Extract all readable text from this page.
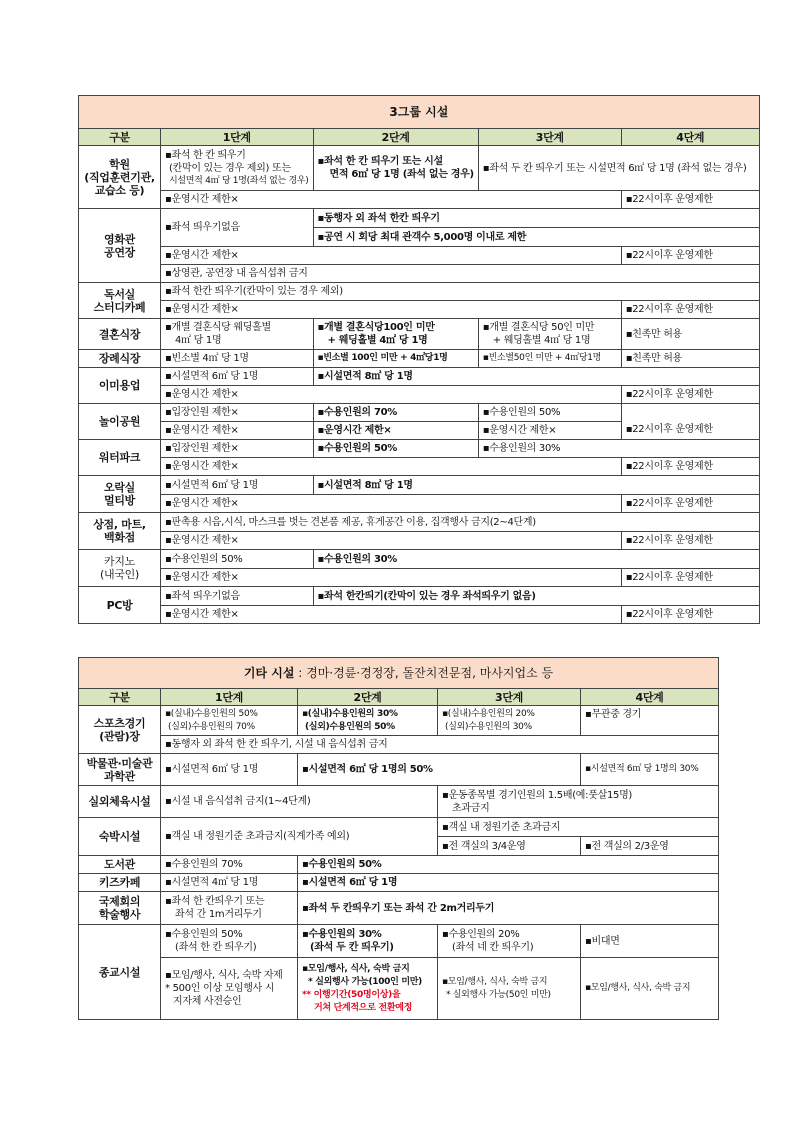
3그룹 시설				
구분	1단계	2단계	3단계	4단계

학원
(직업훈련기관,
교습소 등)	▪좌석 한 칸 띄우기
(칸막이 있는 경우 제외) 또는
시설면적 4㎡ 당 1명(좌석 없는 경우)	▪좌석 한 칸 띄우기 또는 시설
면적 6㎡ 당 1명 (좌석 없는 경우)	▪좌석 두 칸 띄우기 또는 시설면적 6㎡ 당 1명 (좌석 없는 경우)	
	▪운영시간 제한×			▪22시이후 운영제한

영화관
공연장	▪좌석 띄우기없음	▪동행자 외 좌석 한칸 띄우기		
		▪공연 시 회당 최대 관객수 5,000명 이내로 제한		
	▪운영시간 제한×			▪22시이후 운영제한
	▪상영관, 공연장 내 음식섭취 금지			

독서실
스터디카페	▪좌석 한칸 띄우기(칸막이 있는 경우 제외)			
	▪운영시간 제한×			▪22시이후 운영제한
결혼식장	▪개별 결혼식당 웨딩홀별
4㎡ 당 1명	▪개별 결혼식당100인 미만
+ 웨딩홀별 4㎡ 당 1명	▪개별 결혼식당 50인 미만
+ 웨딩홀별 4㎡ 당 1명	▪친족만 허용
장례식장	▪빈소별 4㎡ 당 1명	▪빈소별 100인 미만 + 4㎡당1명	▪빈소별50인 미만 + 4㎡당1명	▪친족만 허용
이미용업	▪시설면적 6㎡ 당 1명	▪시설면적 8㎡ 당 1명		
	▪운영시간 제한×			▪22시이후 운영제한
놀이공원	▪입장인원 제한×	▪수용인원의 70%	▪수용인원의 50%	▪22시이후 운영제한
	▪운영시간 제한×	▪운영시간 제한×	▪운영시간 제한×	
워터파크	▪입장인원 제한×	▪수용인원의 50%	▪수용인원의 30%	
	▪운영시간 제한×			▪22시이후 운영제한

오락실
멀티방	▪시설면적 6㎡ 당 1명	▪시설면적 8㎡ 당 1명		
	▪운영시간 제한×			▪22시이후 운영제한

상점, 마트,
백화점	▪판촉용 시음,시식, 마스크를 벗는 견본품 제공, 휴게공간 이용, 집객행사 금지(2~4단계)			
	▪운영시간 제한×			▪22시이후 운영제한

카지노
(내국인)	▪수용인원의 50%	▪수용인원의 30%		
	▪운영시간 제한×			▪22시이후 운영제한
PC방	▪좌석 띄우기없음	▪좌석 한칸띄기(칸막이 있는 경우 좌석띄우기 없음)		
	▪운영시간 제한×			▪22시이후 운영제한
기타 시설 : 경마·경륜·경정장, 돌잔치전문점, 마사지업소 등				
구분	1단계	2단계	3단계	4단계

스포츠경기
(관람)장	▪(실내)수용인원의 50%
(실외)수용인원의 70%	▪(실내)수용인원의 30%
(실외)수용인원의 50%	▪(실내)수용인원의 20%
(실외)수용인원의 30%	▪무관중 경기
	▪동행자 외 좌석 한 칸 띄우기, 시설 내 음식섭취 금지			

박물관·미술관
과학관	▪시설면적 6㎡ 당 1명	▪시설면적 6㎡ 당 1명의 50%		▪시설면적 6㎡ 당 1명의 30%
실외체육시설	▪시설 내 음식섭취 금지(1~4단계)		▪운동종목별 경기인원의 1.5배(예:풋살15명)
초과금지	

숙박시설	▪객실 내 정원기준 초과금지(직계가족 예외)		▪객실 내 정원기준 초과금지	
			▪전 객실의 3/4운영	▪전 객실의 2/3운영
도서관	▪수용인원의 70%	▪수용인원의 50%		
키즈카페	▪시설면적 4㎡ 당 1명	▪시설면적 6㎡ 당 1명		

국제회의
학술행사	▪좌석 한 칸띄우기 또는
좌석 간 1m거리두기	▪좌석 두 칸띄우기 또는 좌석 간 2m거리두기		
종교시설	▪수용인원의 50%
(좌석 한 칸 띄우기)	▪수용인원의 30%
(좌석 두 칸 띄우기)	▪수용인원의 20%
(좌석 네 칸 띄우기)	▪비대면

	▪모임/행사, 식사, 숙박 자제
* 500인 이상 모임행사 시
지자체 사전승인	▪모임/행사, 식사, 숙박 금지
* 실외행사 가능(100인 미만)
** 이행기간(50명이상)을
거쳐 단계적으로 전환예정	▪모임/행사, 식사, 숙박 금지
* 실외행사 가능(50인 미만)	▪모임/행사, 식사, 숙박 금지
